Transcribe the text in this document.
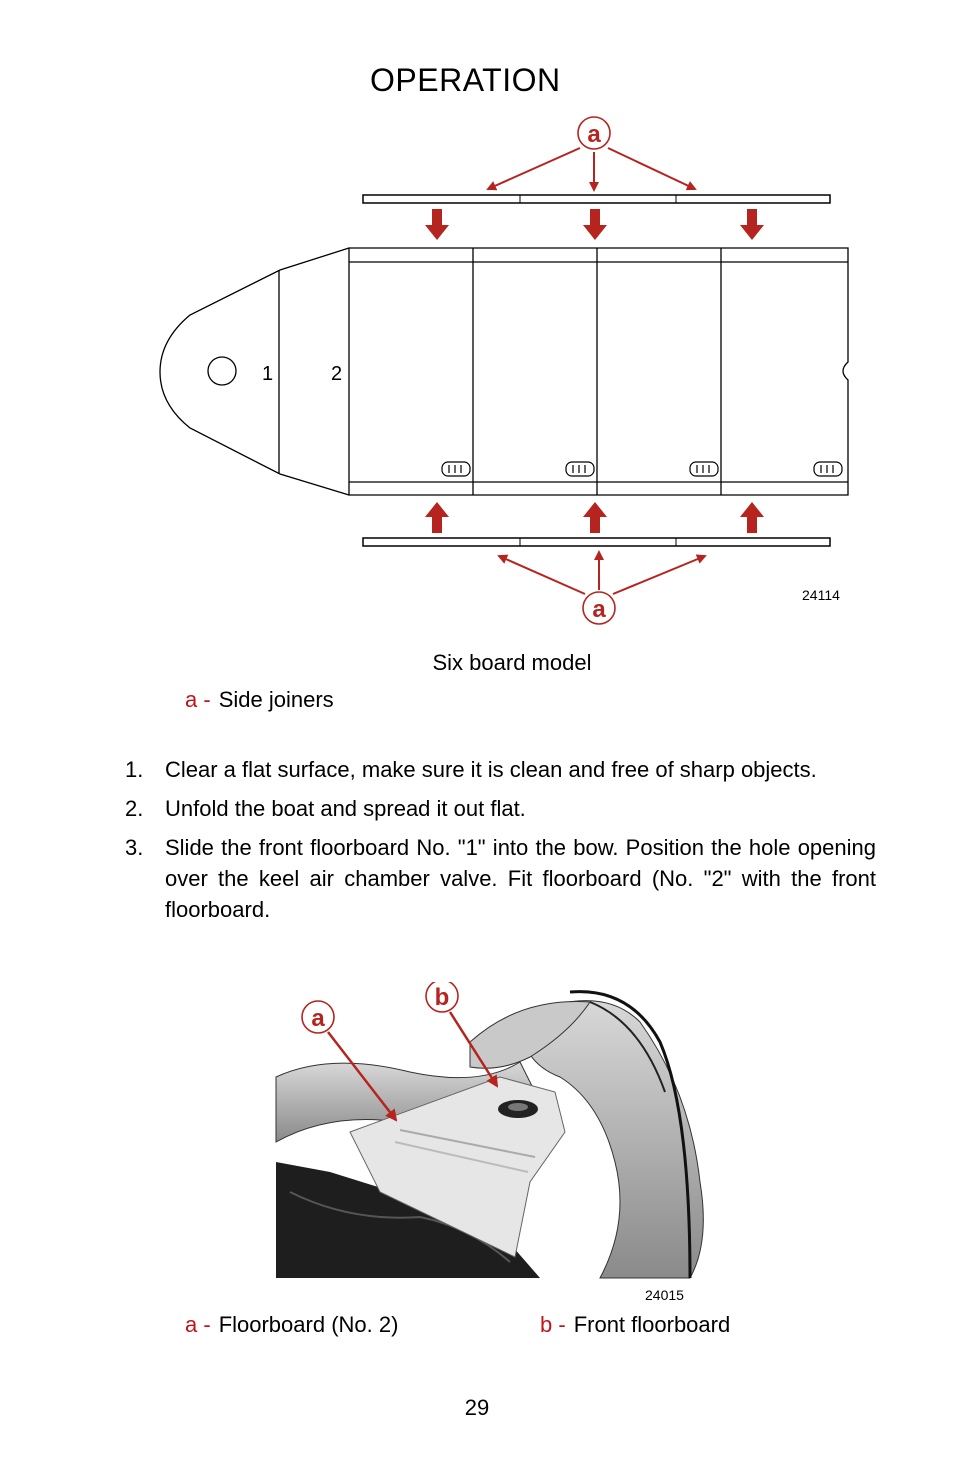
OPERATION
1	2
a
a
24114
Six board model
a - Side joiners
1. Clear a flat surface, make sure it is clean and free of sharp objects.
2. Unfold the boat and spread it out flat.
3. Slide the front floorboard No. "1" into the bow. Position the hole opening over the keel air chamber valve. Fit floorboard (No. "2" with the front floorboard.
a
b
24015
a - Floorboard (No. 2)	b - Front floorboard
29
